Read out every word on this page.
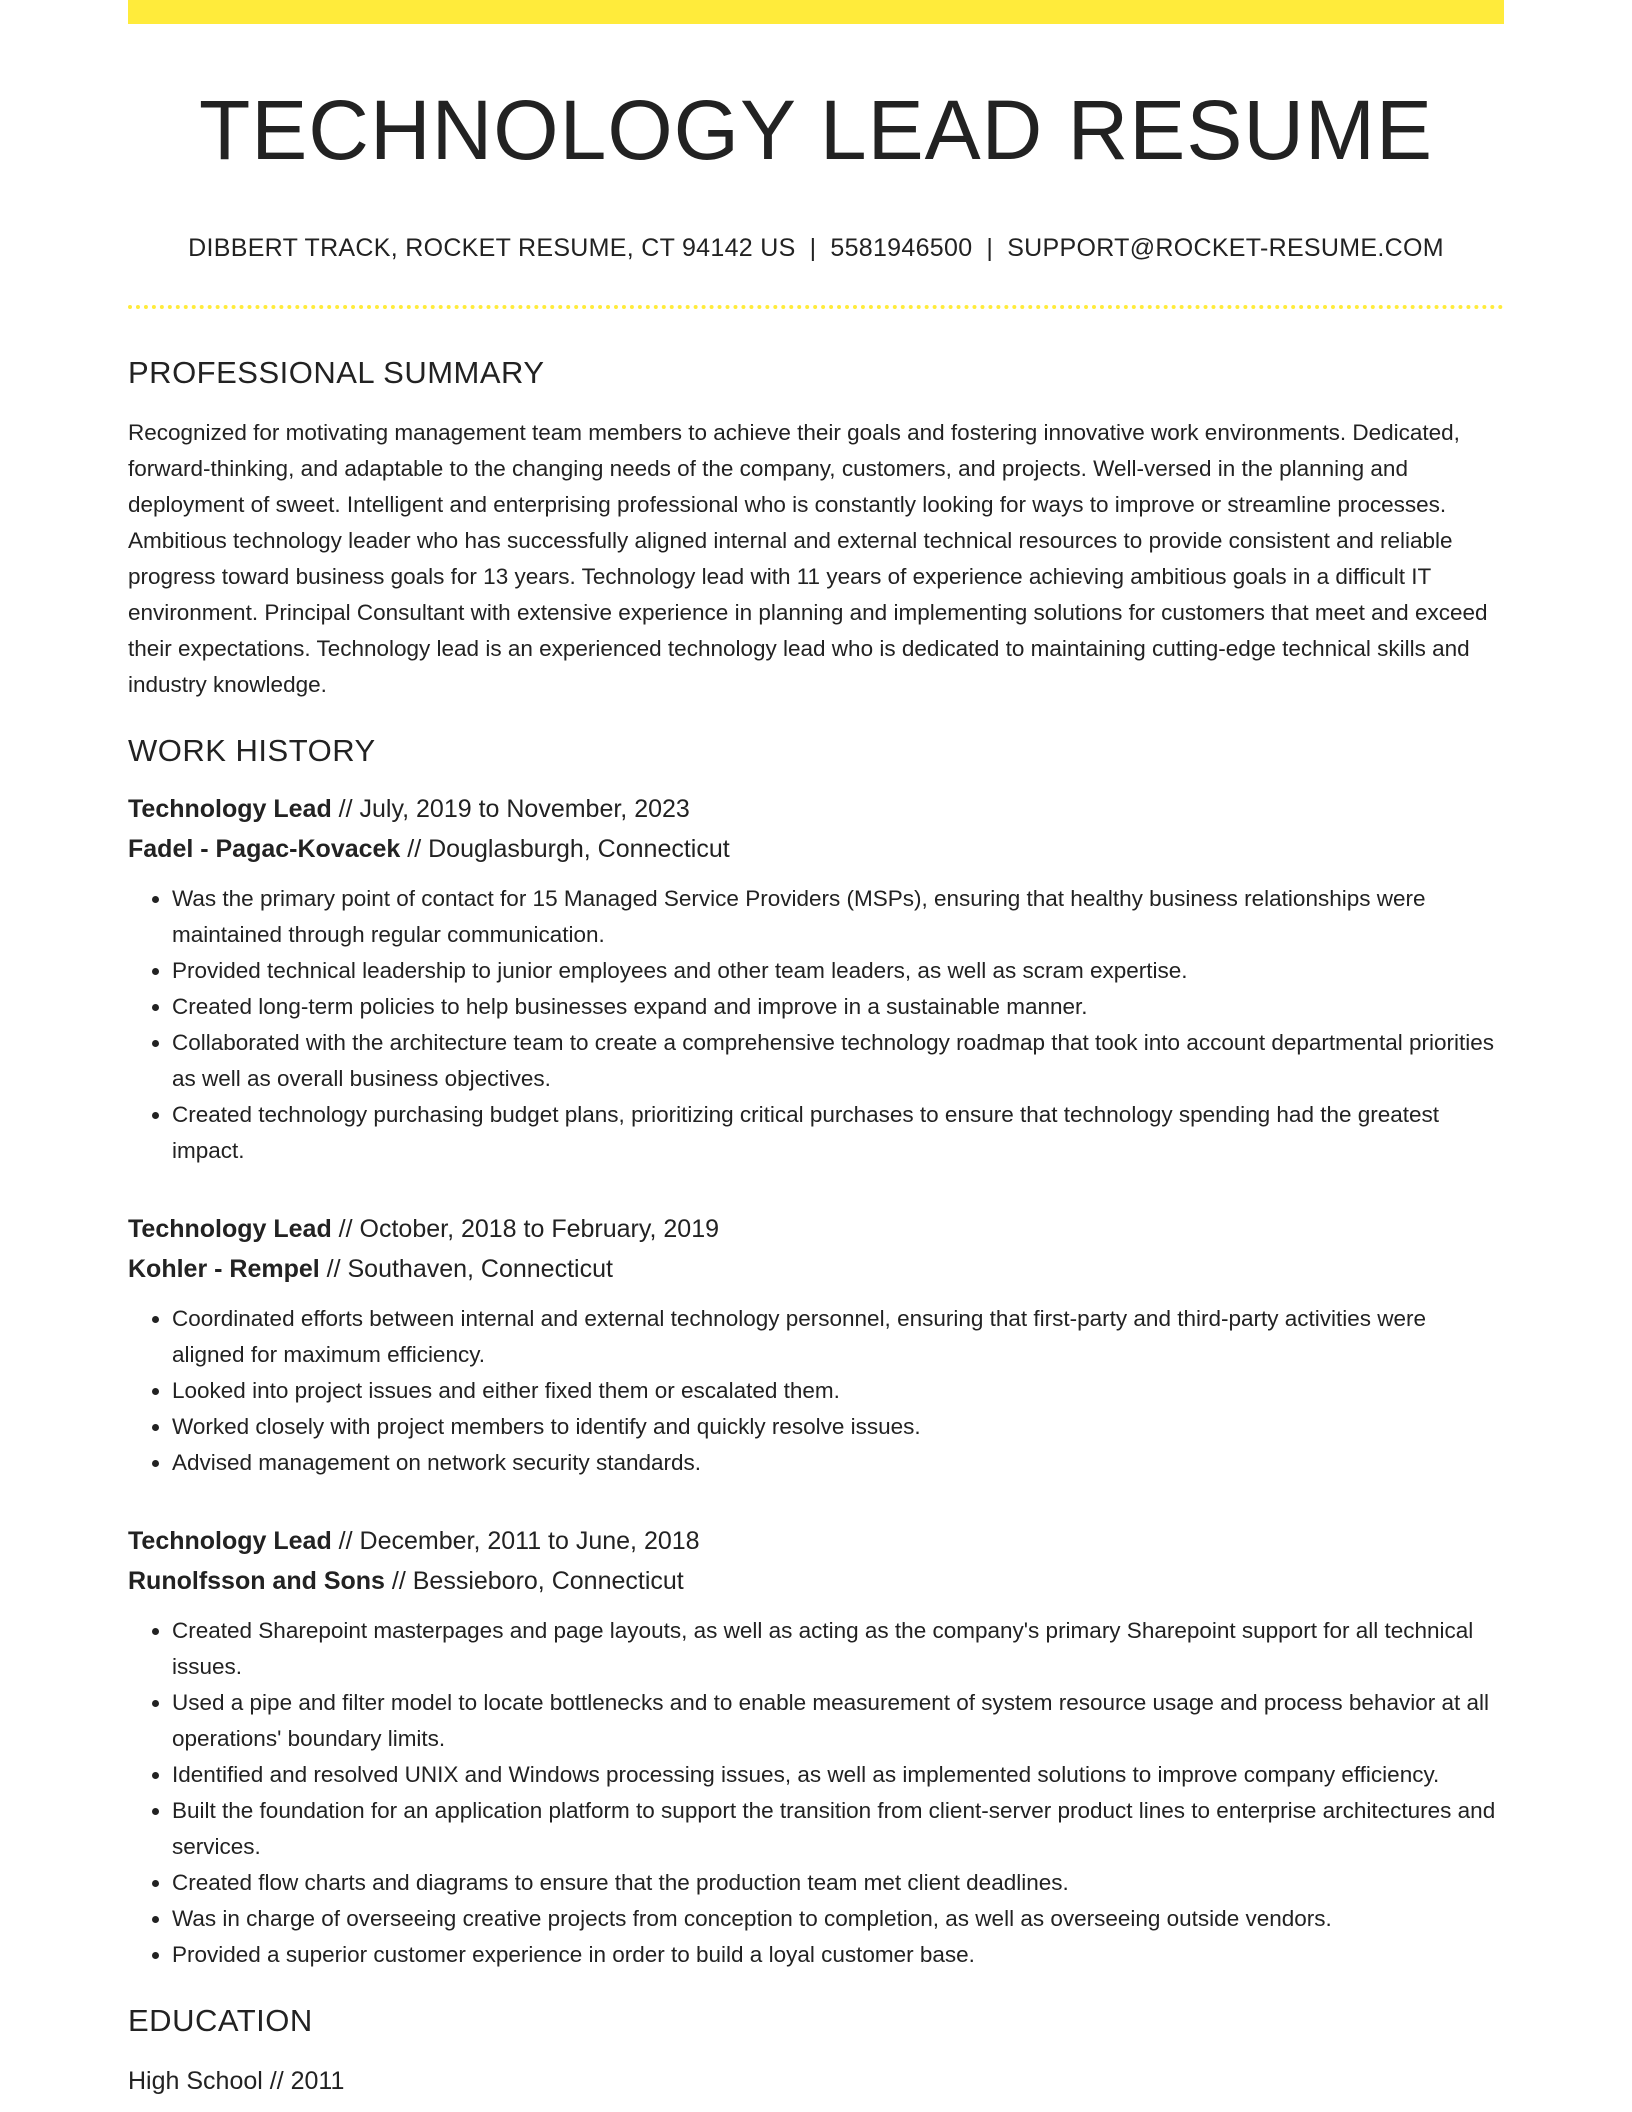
TECHNOLOGY LEAD RESUME
DIBBERT TRACK, ROCKET RESUME, CT 94142 US | 5581946500 | SUPPORT@ROCKET-RESUME.COM
PROFESSIONAL SUMMARY

Recognized for motivating management team members to achieve their goals and fostering innovative work environments. Dedicated, forward-thinking, and adaptable to the changing needs of the company, customers, and projects. Well-versed in the planning and deployment of sweet. Intelligent and enterprising professional who is constantly looking for ways to improve or streamline processes. Ambitious technology leader who has successfully aligned internal and external technical resources to provide consistent and reliable progress toward business goals for 13 years. Technology lead with 11 years of experience achieving ambitious goals in a difficult IT environment. Principal Consultant with extensive experience in planning and implementing solutions for customers that meet and exceed their expectations. Technology lead is an experienced technology lead who is dedicated to maintaining cutting-edge technical skills and industry knowledge.

WORK HISTORY
Technology Lead // July, 2019 to November, 2023
Fadel - Pagac-Kovacek // Douglasburgh, Connecticut
• Was the primary point of contact for 15 Managed Service Providers (MSPs), ensuring that healthy business relationships were maintained through regular communication.
• Provided technical leadership to junior employees and other team leaders, as well as scram expertise.
• Created long-term policies to help businesses expand and improve in a sustainable manner.
• Collaborated with the architecture team to create a comprehensive technology roadmap that took into account departmental priorities as well as overall business objectives.
• Created technology purchasing budget plans, prioritizing critical purchases to ensure that technology spending had the greatest impact.
Technology Lead // October, 2018 to February, 2019
Kohler - Rempel // Southaven, Connecticut
• Coordinated efforts between internal and external technology personnel, ensuring that first-party and third-party activities were aligned for maximum efficiency.
• Looked into project issues and either fixed them or escalated them.
• Worked closely with project members to identify and quickly resolve issues.
• Advised management on network security standards.
Technology Lead // December, 2011 to June, 2018
Runolfsson and Sons // Bessieboro, Connecticut
• Created Sharepoint masterpages and page layouts, as well as acting as the company's primary Sharepoint support for all technical issues.
• Used a pipe and filter model to locate bottlenecks and to enable measurement of system resource usage and process behavior at all operations' boundary limits.
• Identified and resolved UNIX and Windows processing issues, as well as implemented solutions to improve company efficiency.
• Built the foundation for an application platform to support the transition from client-server product lines to enterprise architectures and services.
• Created flow charts and diagrams to ensure that the production team met client deadlines.
• Was in charge of overseeing creative projects from conception to completion, as well as overseeing outside vendors.
• Provided a superior customer experience in order to build a loyal customer base.
EDUCATION
High School // 2011
